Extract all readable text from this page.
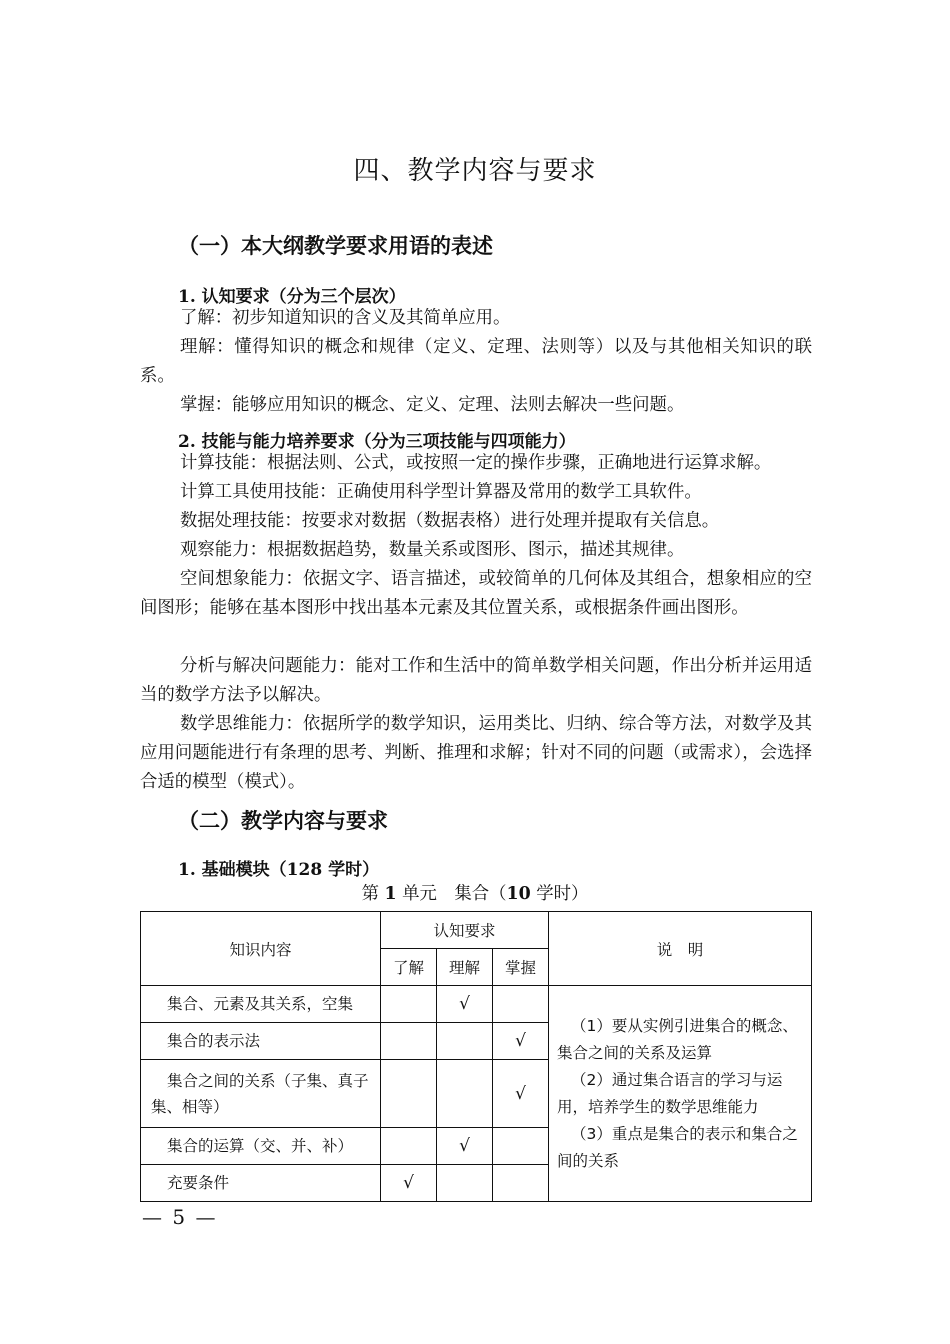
四、教学内容与要求
（一）本大纲教学要求用语的表述
1. 认知要求（分为三个层次）
了解：初步知道知识的含义及其简单应用。
理解：懂得知识的概念和规律（定义、定理、法则等）以及与其他相关知识的联系。
掌握：能够应用知识的概念、定义、定理、法则去解决一些问题。
2. 技能与能力培养要求（分为三项技能与四项能力）
计算技能：根据法则、公式，或按照一定的操作步骤，正确地进行运算求解。
计算工具使用技能：正确使用科学型计算器及常用的数学工具软件。
数据处理技能：按要求对数据（数据表格）进行处理并提取有关信息。
观察能力：根据数据趋势，数量关系或图形、图示，描述其规律。
空间想象能力：依据文字、语言描述，或较简单的几何体及其组合，想象相应的空间图形；能够在基本图形中找出基本元素及其位置关系，或根据条件画出图形。
分析与解决问题能力：能对工作和生活中的简单数学相关问题，作出分析并运用适当的数学方法予以解决。
数学思维能力：依据所学的数学知识，运用类比、归纳、综合等方法，对数学及其应用问题能进行有条理的思考、判断、推理和求解；针对不同的问题（或需求），会选择合适的模型（模式）。
（二）教学内容与要求
1. 基础模块（128 学时）
第 1 单元　集合（10 学时）
知识内容	认知要求			说　明
	了解	理解	掌握	
集合、元素及其关系，空集		√		（1）要从实例引进集合的概念、集合之间的关系及运算

（2）通过集合语言的学习与运用，培养学生的数学思维能力

（3）重点是集合的表示和集合之间的关系

集合的表示法			√	
集合之间的关系（子集、真子集、相等）			√	
集合的运算（交、并、补）		√		
充要条件	√			
— 5 —
